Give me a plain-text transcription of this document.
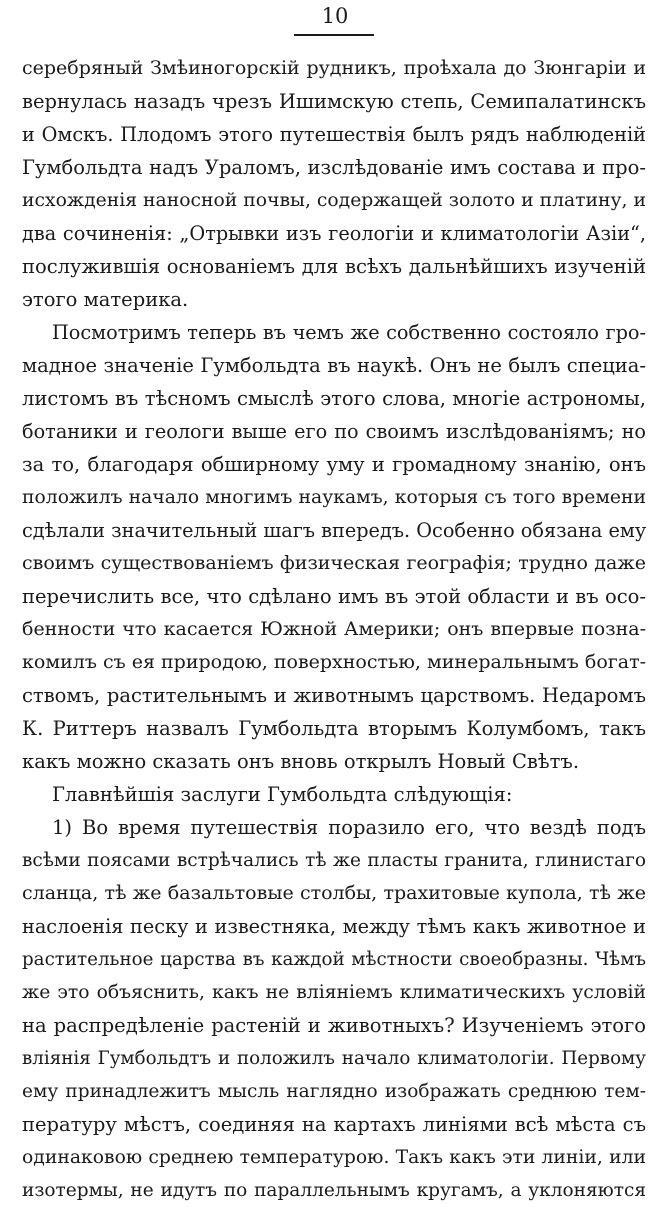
10
серебряный Змѣиногорскiй рудникъ, проѣхала до Зюнгарiи и
вернулась назадъ чрезъ Ишимскую степь, Семипалатинскъ
и Омскъ. Плодомъ этого путешествiя былъ рядъ наблюденiй
Гумбольдта надъ Ураломъ, изслѣдованiе имъ состава и про-
исхожденiя наносной почвы, содержащей золото и платину, и
два сочиненiя: „Отрывки изъ геологiи и климатологiи Азiи“,
послужившiя основанiемъ для всѣхъ дальнѣйшихъ изученiй
этого материка.
Посмотримъ теперь въ чемъ же собственно состояло гро-
мадное значенiе Гумбольдта въ наукѣ. Онъ не былъ специа-
листомъ въ тѣсномъ смыслѣ этого слова, многiе астрономы,
ботаники и геологи выше его по своимъ изслѣдованiямъ; но
за то, благодаря обширному уму и громадному знанiю, онъ
положилъ начало многимъ наукамъ, которыя съ того времени
сдѣлали значительный шагъ впередъ. Особенно обязана ему
своимъ существованiемъ физическая географiя; трудно даже
перечислить все, что сдѣлано имъ въ этой области и въ осо-
бенности что касается Южной Америки; онъ впервые позна-
комилъ съ ея природою, поверхностью, минеральнымъ богат-
ствомъ, растительнымъ и животнымъ царствомъ. Недаромъ
К. Риттеръ назвалъ Гумбольдта вторымъ Колумбомъ, такъ
какъ можно сказать онъ вновь открылъ Новый Свѣтъ.
Главнѣйшiя заслуги Гумбольдта слѣдующiя:
1) Во время путешествiя поразило его, что вездѣ подъ
всѣми поясами встрѣчались тѣ же пласты гранита, глинистаго
сланца, тѣ же базальтовые столбы, трахитовые купола, тѣ же
наслоенiя песку и известняка, между тѣмъ какъ животное и
растительное царства въ каждой мѣстности своеобразны. Чѣмъ
же это объяснить, какъ не влiянiемъ климатическихъ условiй
на распредѣленiе растенiй и животныхъ? Изученiемъ этого
влiянiя Гумбольдтъ и положилъ начало климатологiи. Первому
ему принадлежитъ мысль наглядно изображать среднюю тем-
пературу мѣстъ, соединяя на картахъ линiями всѣ мѣста съ
одинаковою среднею температурою. Такъ какъ эти линiи, или
изотермы, не идутъ по параллельнымъ кругамъ, а уклоняются
